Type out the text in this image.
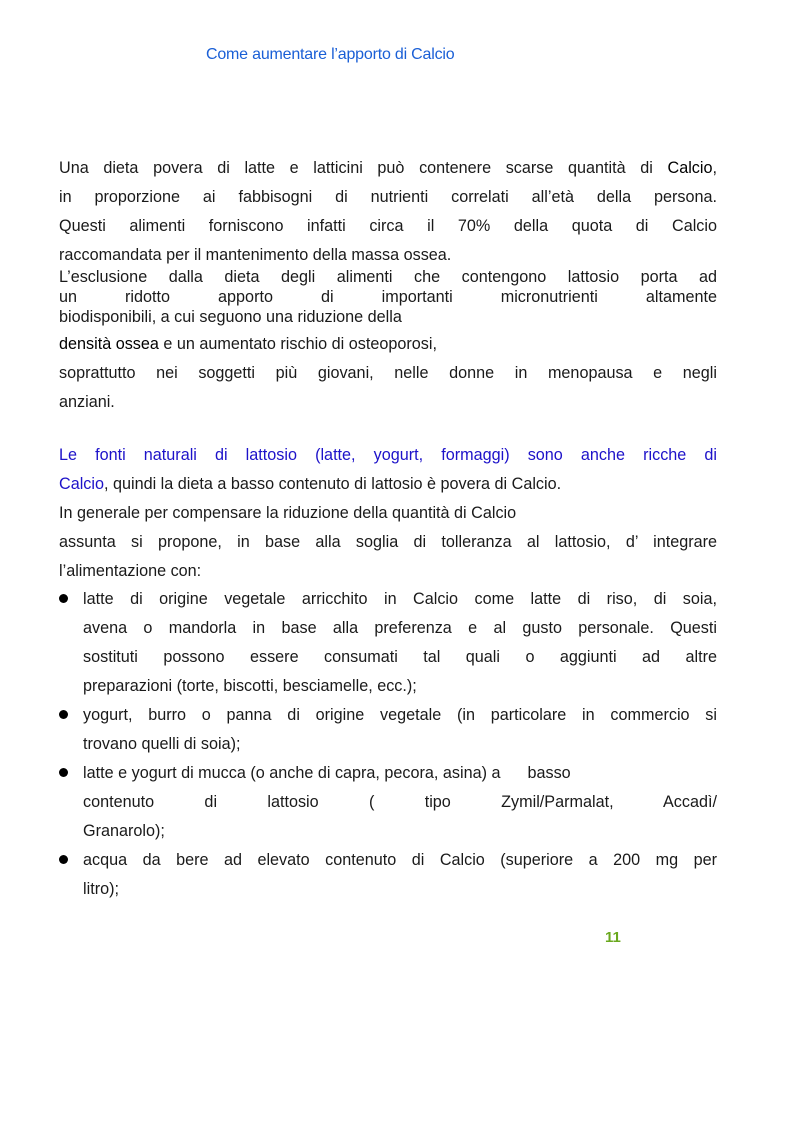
Come aumentare l’apporto di Calcio
Una dieta povera di latte e latticini può contenere scarse quantità di Calcio,
in proporzione ai fabbisogni di nutrienti correlati all’età della persona.
Questi alimenti forniscono infatti circa il 70% della quota di Calcio
raccomandata per il mantenimento della massa ossea.
L’esclusione dalla dieta degli alimenti che contengono lattosio porta ad
un ridotto apporto di importanti micronutrienti altamente
biodisponibili, a cui seguono una riduzione della
densità ossea e un aumentato rischio di osteoporosi,
soprattutto nei soggetti più giovani, nelle donne in menopausa e negli
anziani.
Le fonti naturali di lattosio (latte, yogurt, formaggi) sono anche ricche di
Calcio, quindi la dieta a basso contenuto di lattosio è povera di Calcio.
In generale per compensare la riduzione della quantità di Calcio
assunta si propone, in base alla soglia di tolleranza al lattosio, d’ integrare
l’alimentazione con:
latte di origine vegetale arricchito in Calcio come latte di riso, di soia,
avena o mandorla in base alla preferenza e al gusto personale. Questi
sostituti possono essere consumati tal quali o aggiunti ad altre
preparazioni (torte, biscotti, besciamelle, ecc.);
yogurt, burro o panna di origine vegetale (in particolare in commercio si
trovano quelli di soia);
latte e yogurt di mucca (o anche di capra, pecora, asina) a      basso
contenuto di lattosio ( tipo Zymil/Parmalat, Accadì/
Granarolo);
acqua da bere ad elevato contenuto di Calcio (superiore a 200 mg per
litro);
11
